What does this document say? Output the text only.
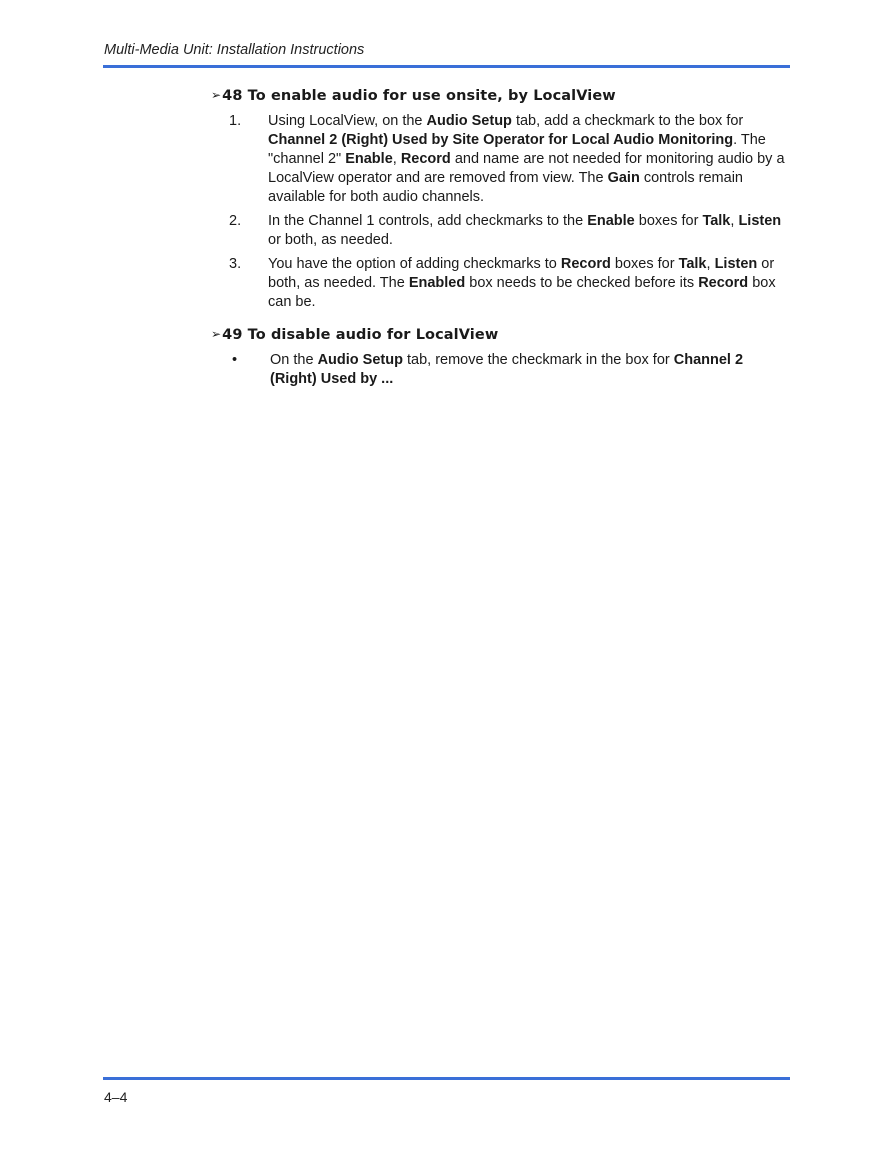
Multi-Media Unit: Installation Instructions
➢48 To enable audio for use onsite, by LocalView
1. Using LocalView, on the Audio Setup tab, add a checkmark to the box for Channel 2 (Right) Used by Site Operator for Local Audio Monitoring. The "channel 2" Enable, Record and name are not needed for monitoring audio by a LocalView operator and are removed from view. The Gain controls remain available for both audio channels.
2. In the Channel 1 controls, add checkmarks to the Enable boxes for Talk, Listen or both, as needed.
3. You have the option of adding checkmarks to Record boxes for Talk, Listen or both, as needed. The Enabled box needs to be checked before its Record box can be.
➢49 To disable audio for LocalView
• On the Audio Setup tab, remove the checkmark in the box for Channel 2 (Right) Used by ...
4–4
